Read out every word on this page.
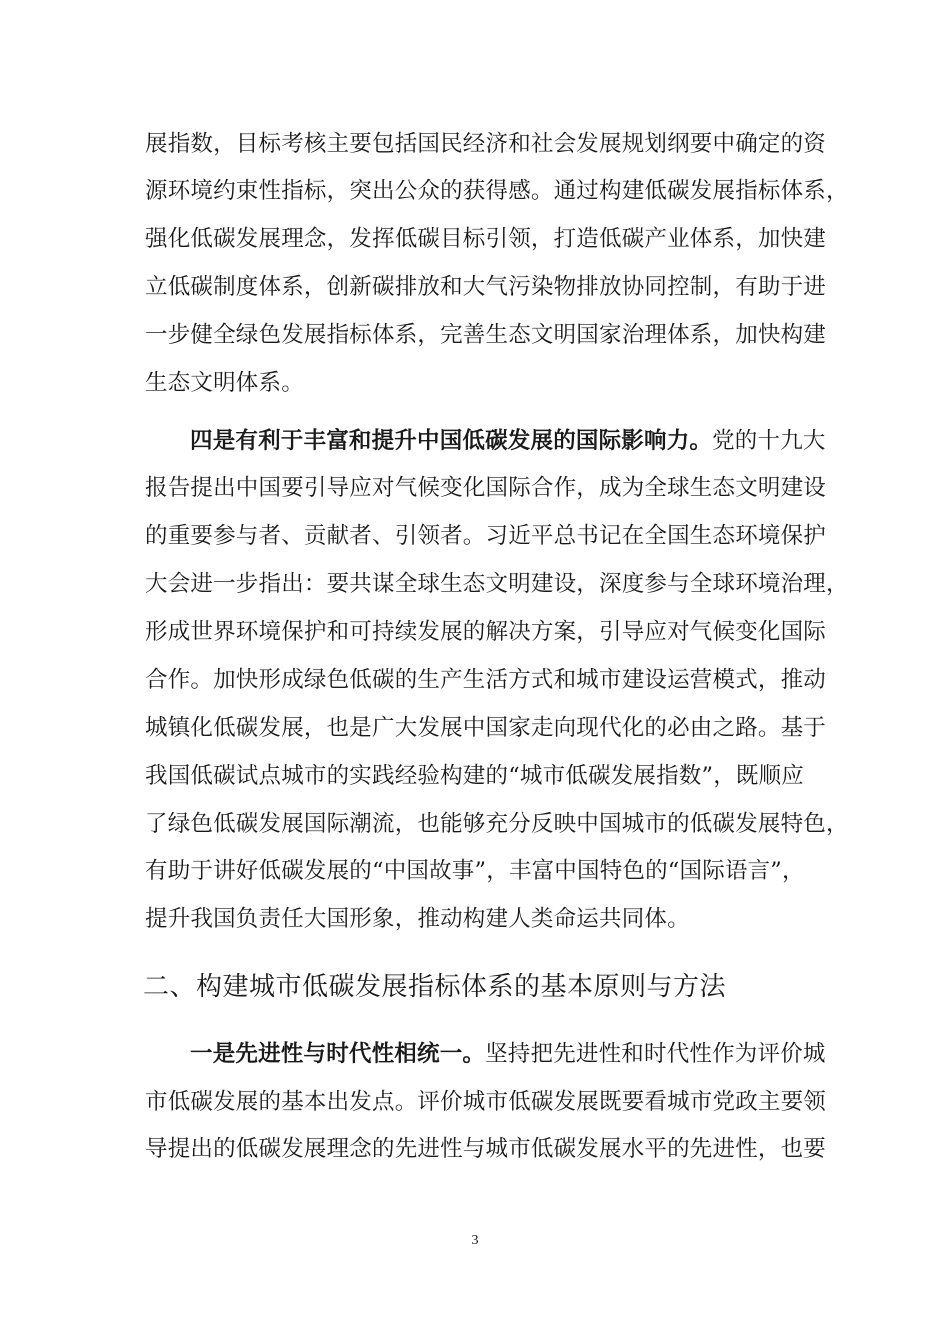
展指数，目标考核主要包括国民经济和社会发展规划纲要中确定的资
源环境约束性指标，突出公众的获得感。通过构建低碳发展指标体系，
强化低碳发展理念，发挥低碳目标引领，打造低碳产业体系，加快建
立低碳制度体系，创新碳排放和大气污染物排放协同控制，有助于进
一步健全绿色发展指标体系，完善生态文明国家治理体系，加快构建
生态文明体系。
四是有利于丰富和提升中国低碳发展的国际影响力。党的十九大
报告提出中国要引导应对气候变化国际合作，成为全球生态文明建设
的重要参与者、贡献者、引领者。习近平总书记在全国生态环境保护
大会进一步指出：要共谋全球生态文明建设，深度参与全球环境治理，
形成世界环境保护和可持续发展的解决方案，引导应对气候变化国际
合作。加快形成绿色低碳的生产生活方式和城市建设运营模式，推动
城镇化低碳发展，也是广大发展中国家走向现代化的必由之路。基于
我国低碳试点城市的实践经验构建的“城市低碳发展指数”，既顺应
了绿色低碳发展国际潮流，也能够充分反映中国城市的低碳发展特色，
有助于讲好低碳发展的“中国故事”，丰富中国特色的“国际语言”，
提升我国负责任大国形象，推动构建人类命运共同体。
二、构建城市低碳发展指标体系的基本原则与方法
一是先进性与时代性相统一。坚持把先进性和时代性作为评价城
市低碳发展的基本出发点。评价城市低碳发展既要看城市党政主要领
导提出的低碳发展理念的先进性与城市低碳发展水平的先进性，也要
3
